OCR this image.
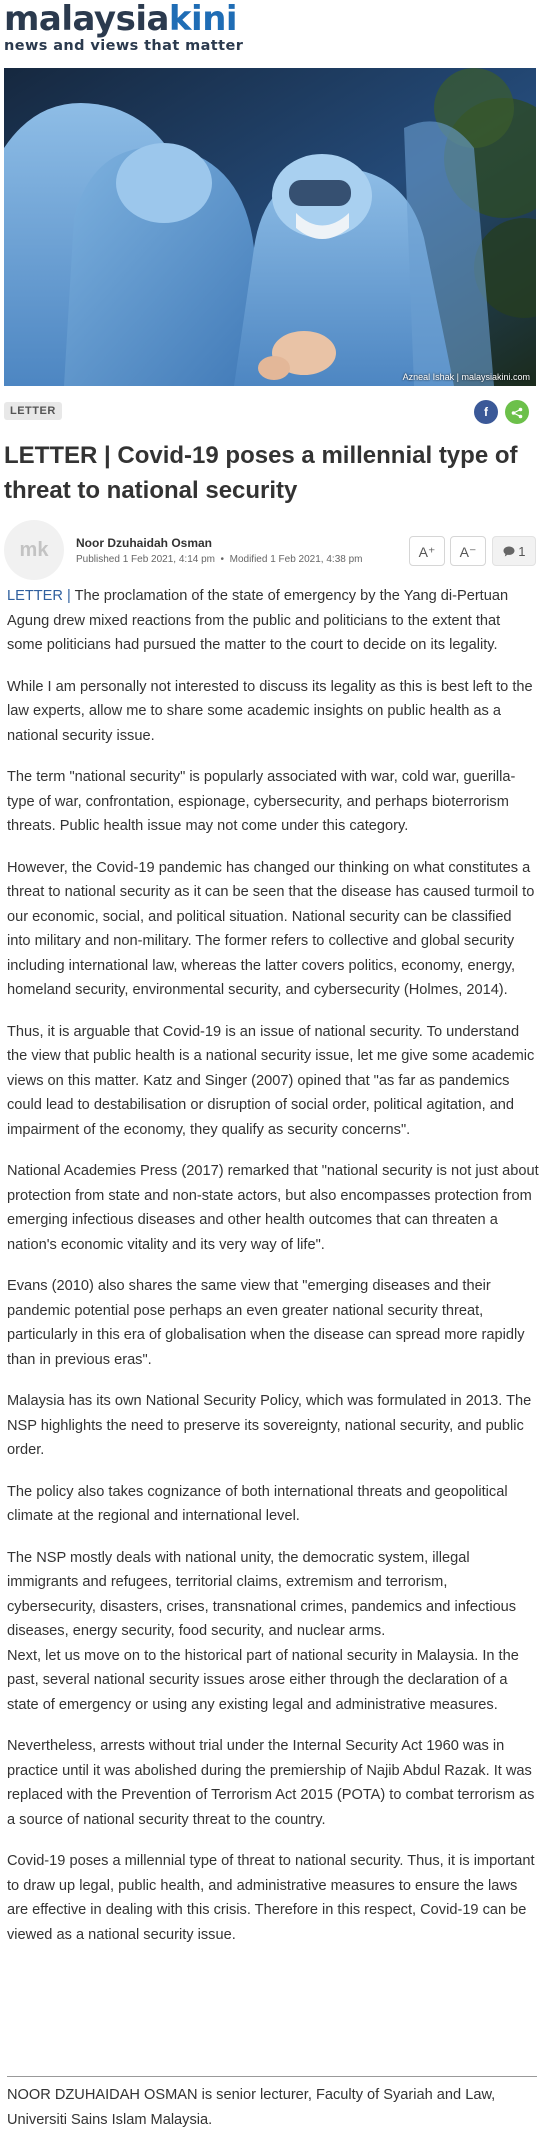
malaysiakini
news and views that matter
Azneal Ishak | malaysiakini.com
LETTER	f
LETTER | Covid-19 poses a millennial type of threat to national security
mk	Noor Dzuhaidah Osman
Published 1 Feb 2021, 4:14 pm • Modified 1 Feb 2021, 4:38 pm	A⁺	A⁻	1

LETTER | The proclamation of the state of emergency by the Yang di-Pertuan Agung drew mixed reactions from the public and politicians to the extent that some politicians had pursued the matter to the court to decide on its legality.

While I am personally not interested to discuss its legality as this is best left to the law experts, allow me to share some academic insights on public health as a national security issue.

The term "national security" is popularly associated with war, cold war, guerilla-type of war, confrontation, espionage, cybersecurity, and perhaps bioterrorism threats. Public health issue may not come under this category.

However, the Covid-19 pandemic has changed our thinking on what constitutes a threat to national security as it can be seen that the disease has caused turmoil to our economic, social, and political situation. National security can be classified into military and non-military. The former refers to collective and global security including international law, whereas the latter covers politics, economy, energy, homeland security, environmental security, and cybersecurity (Holmes, 2014).

Thus, it is arguable that Covid-19 is an issue of national security. To understand the view that public health is a national security issue, let me give some academic views on this matter. Katz and Singer (2007) opined that "as far as pandemics could lead to destabilisation or disruption of social order, political agitation, and impairment of the economy, they qualify as security concerns".

National Academies Press (2017) remarked that "national security is not just about protection from state and non-state actors, but also encompasses protection from emerging infectious diseases and other health outcomes that can threaten a nation's economic vitality and its very way of life".

Evans (2010) also shares the same view that "emerging diseases and their pandemic potential pose perhaps an even greater national security threat, particularly in this era of globalisation when the disease can spread more rapidly than in previous eras".

Malaysia has its own National Security Policy, which was formulated in 2013. The NSP highlights the need to preserve its sovereignty, national security, and public order.

The policy also takes cognizance of both international threats and geopolitical climate at the regional and international level.

The NSP mostly deals with national unity, the democratic system, illegal immigrants and refugees, territorial claims, extremism and terrorism, cybersecurity, disasters, crises, transnational crimes, pandemics and infectious diseases, energy security, food security, and nuclear arms.

Next, let us move on to the historical part of national security in Malaysia. In the past, several national security issues arose either through the declaration of a state of emergency or using any existing legal and administrative measures.

Nevertheless, arrests without trial under the Internal Security Act 1960 was in practice until it was abolished during the premiership of Najib Abdul Razak. It was replaced with the Prevention of Terrorism Act 2015 (POTA) to combat terrorism as a source of national security threat to the country.

Covid-19 poses a millennial type of threat to national security. Thus, it is important to draw up legal, public health, and administrative measures to ensure the laws are effective in dealing with this crisis. Therefore in this respect, Covid-19 can be viewed as a national security issue.

NOOR DZUHAIDAH OSMAN is senior lecturer, Faculty of Syariah and Law, Universiti Sains Islam Malaysia.
